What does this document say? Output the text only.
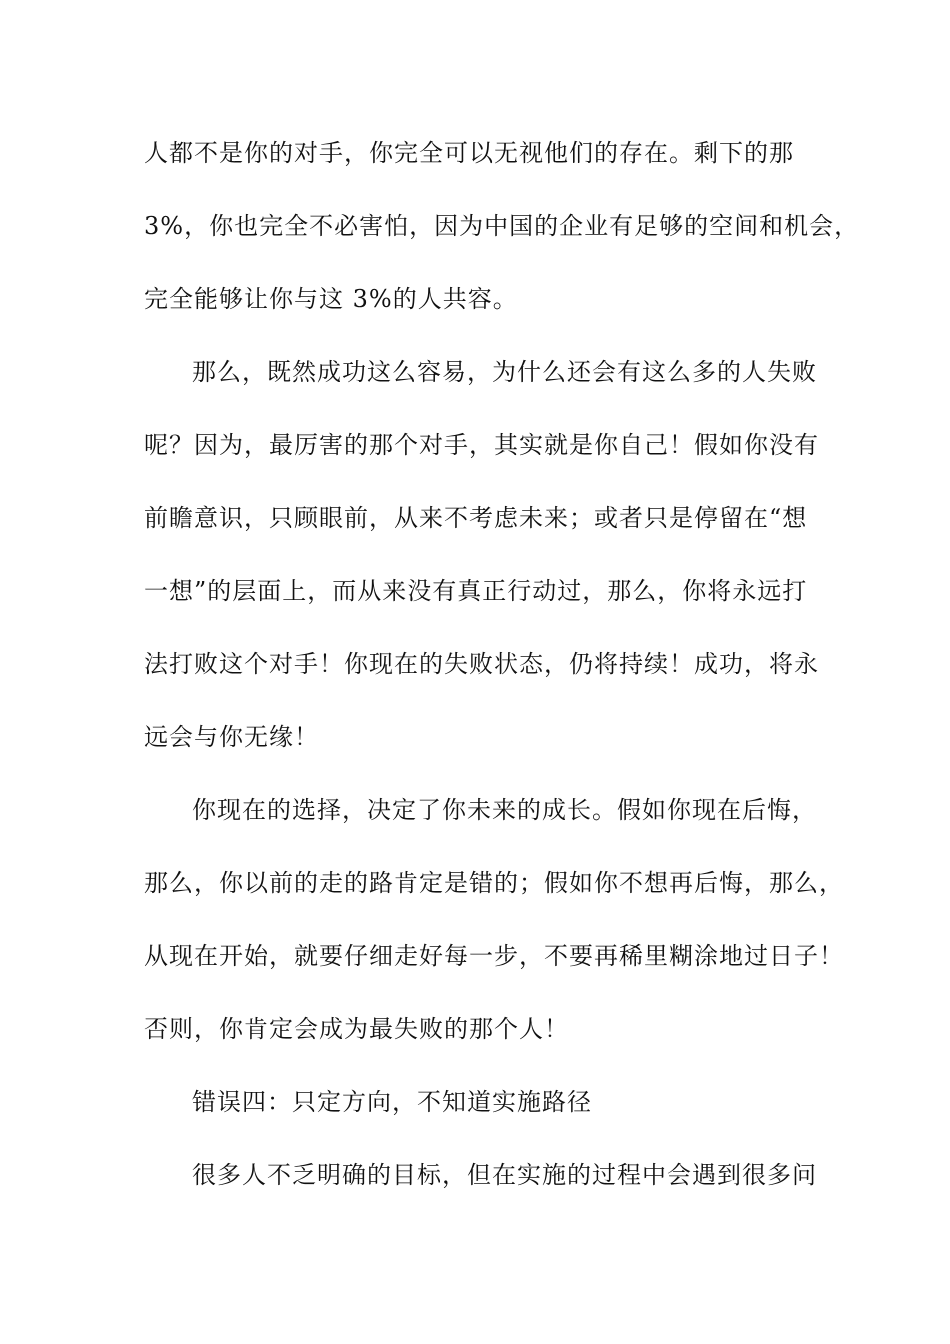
人都不是你的对手，你完全可以无视他们的存在。剩下的那
3%，你也完全不必害怕，因为中国的企业有足够的空间和机会，
完全能够让你与这 3%的人共容。
那么，既然成功这么容易，为什么还会有这么多的人失败
呢？因为，最厉害的那个对手，其实就是你自己！假如你没有
前瞻意识，只顾眼前，从来不考虑未来；或者只是停留在“想
一想”的层面上，而从来没有真正行动过，那么，你将永远打
法打败这个对手！你现在的失败状态，仍将持续！成功，将永
远会与你无缘！
你现在的选择，决定了你未来的成长。假如你现在后悔，
那么，你以前的走的路肯定是错的；假如你不想再后悔，那么，
从现在开始，就要仔细走好每一步，不要再稀里糊涂地过日子！
否则，你肯定会成为最失败的那个人！
错误四：只定方向，不知道实施路径
很多人不乏明确的目标，但在实施的过程中会遇到很多问
